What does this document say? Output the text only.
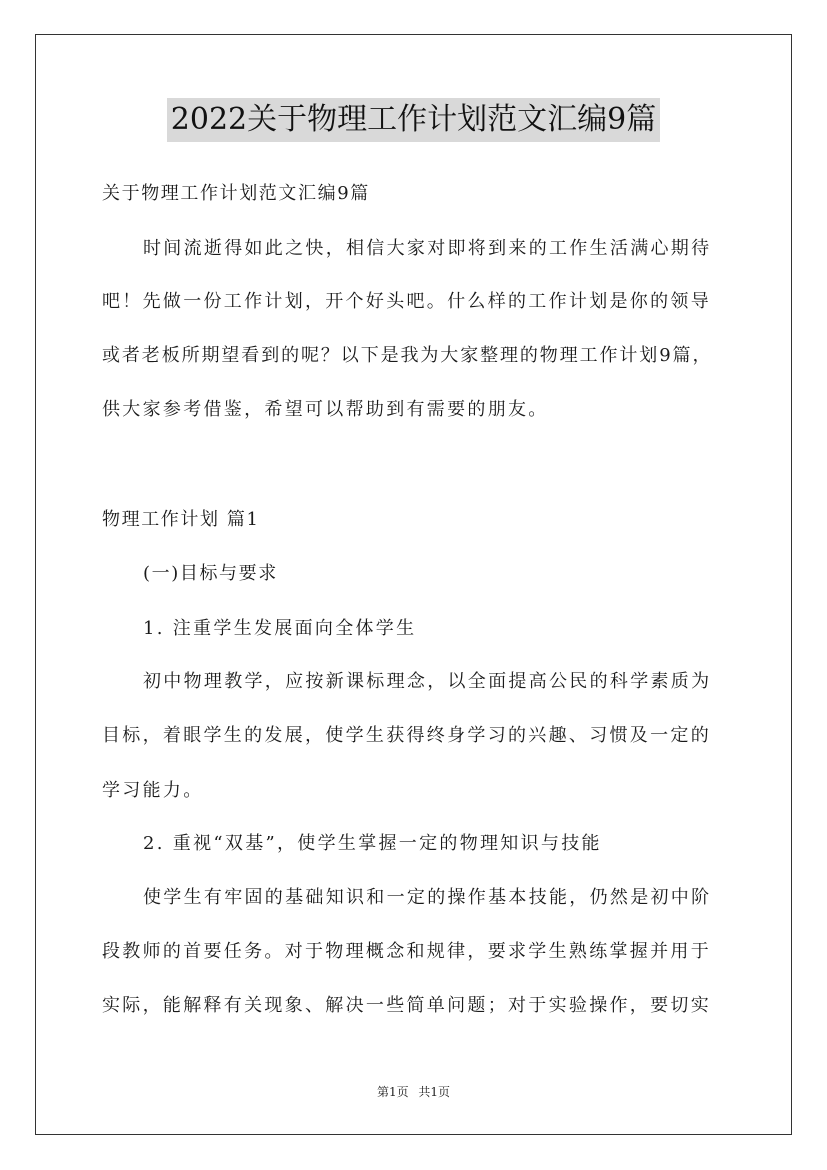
2022关于物理工作计划范文汇编9篇
关于物理工作计划范文汇编9篇
时间流逝得如此之快，相信大家对即将到来的工作生活满心期待
吧！先做一份工作计划，开个好头吧。什么样的工作计划是你的领导
或者老板所期望看到的呢？以下是我为大家整理的物理工作计划9篇，
供大家参考借鉴，希望可以帮助到有需要的朋友。
物理工作计划 篇1
(一)目标与要求
1. 注重学生发展面向全体学生
初中物理教学，应按新课标理念，以全面提高公民的科学素质为
目标，着眼学生的发展，使学生获得终身学习的兴趣、习惯及一定的
学习能力。
2. 重视“双基”，使学生掌握一定的物理知识与技能
使学生有牢固的基础知识和一定的操作基本技能，仍然是初中阶
段教师的首要任务。对于物理概念和规律，要求学生熟练掌握并用于
实际，能解释有关现象、解决一些简单问题；对于实验操作，要切实
第1页 共1页
